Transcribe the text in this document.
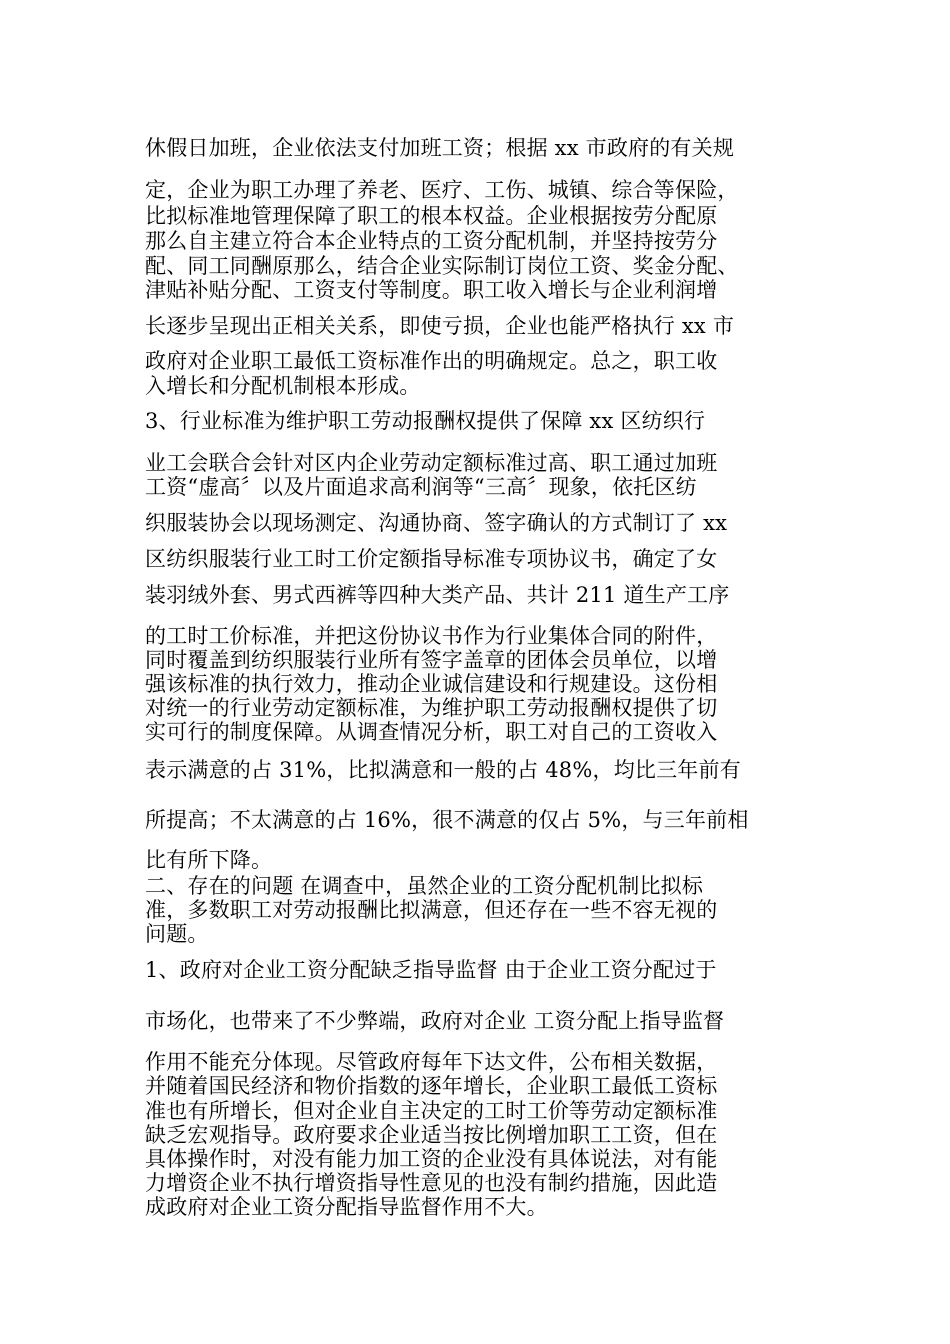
休假日加班，企业依法支付加班工资；根据 xx 市政府的有关规
定，企业为职工办理了养老、医疗、工伤、城镇、综合等保险，
比拟标准地管理保障了职工的根本权益。企业根据按劳分配原
那么自主建立符合本企业特点的工资分配机制，并坚持按劳分
配、同工同酬原那么，结合企业实际制订岗位工资、奖金分配、
津贴补贴分配、工资支付等制度。职工收入增长与企业利润增
长逐步呈现出正相关关系，即使亏损，企业也能严格执行 xx 市
政府对企业职工最低工资标准作出的明确规定。总之，职工收
入增长和分配机制根本形成。
3、行业标准为维护职工劳动报酬权提供了保障 xx 区纺织行
业工会联合会针对区内企业劳动定额标准过高、职工通过加班
工资“虚高〞以及片面追求高利润等“三高〞现象，依托区纺
织服装协会以现场测定、沟通协商、签字确认的方式制订了 xx
区纺织服装行业工时工价定额指导标准专项协议书，确定了女
装羽绒外套、男式西裤等四种大类产品、共计 211 道生产工序
的工时工价标准，并把这份协议书作为行业集体合同的附件，
同时覆盖到纺织服装行业所有签字盖章的团体会员单位，以增
强该标准的执行效力，推动企业诚信建设和行规建设。这份相
对统一的行业劳动定额标准，为维护职工劳动报酬权提供了切
实可行的制度保障。从调查情况分析，职工对自己的工资收入
表示满意的占 31%，比拟满意和一般的占 48%，均比三年前有
所提高；不太满意的占 16%，很不满意的仅占 5%，与三年前相
比有所下降。
二、存在的问题 在调查中，虽然企业的工资分配机制比拟标
准，多数职工对劳动报酬比拟满意，但还存在一些不容无视的
问题。
1、政府对企业工资分配缺乏指导监督 由于企业工资分配过于
市场化，也带来了不少弊端，政府对企业 工资分配上指导监督
作用不能充分体现。尽管政府每年下达文件，公布相关数据，
并随着国民经济和物价指数的逐年增长，企业职工最低工资标
准也有所增长，但对企业自主决定的工时工价等劳动定额标准
缺乏宏观指导。政府要求企业适当按比例增加职工工资，但在
具体操作时，对没有能力加工资的企业没有具体说法，对有能
力增资企业不执行增资指导性意见的也没有制约措施，因此造
成政府对企业工资分配指导监督作用不大。
